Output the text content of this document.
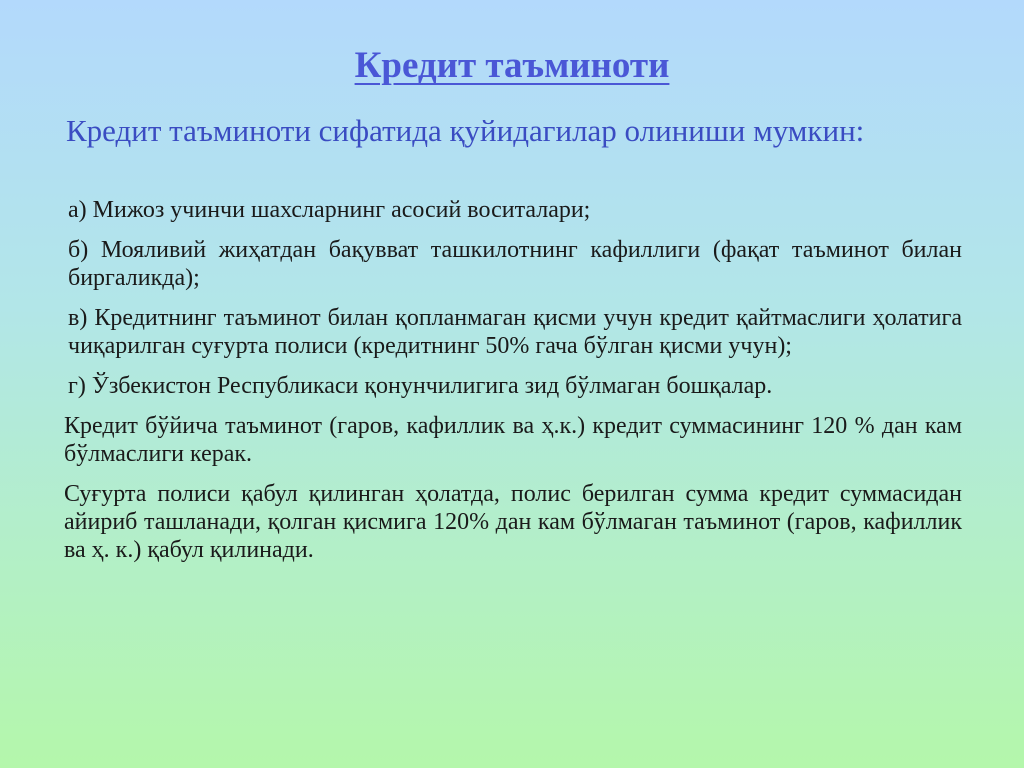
Кредит таъминоти
Кредит таъминоти сифатида қуйидагилар олиниши мумкин:
а) Мижоз учинчи шахсларнинг асосий воситалари;
б) Мояливий жиҳатдан бақувват ташкилотнинг кафиллиги (фақат таъминот билан биргаликда);
в) Кредитнинг таъминот билан қопланмаган қисми учун кредит қайтмаслиги ҳолатига чиқарилган суғурта полиси (кредитнинг 50% гача бўлган қисми учун);
г) Ўзбекистон Республикаси қонунчилигига зид бўлмаган бошқалар.
Кредит бўйича таъминот (гаров, кафиллик ва ҳ.к.) кредит суммасининг 120 % дан кам бўлмаслиги керак.
Суғурта полиси қабул қилинган ҳолатда, полис берилган сумма кредит суммасидан айириб ташланади, қолган қисмига 120% дан кам бўлмаган таъминот (гаров, кафиллик ва ҳ. к.) қабул қилинади.
